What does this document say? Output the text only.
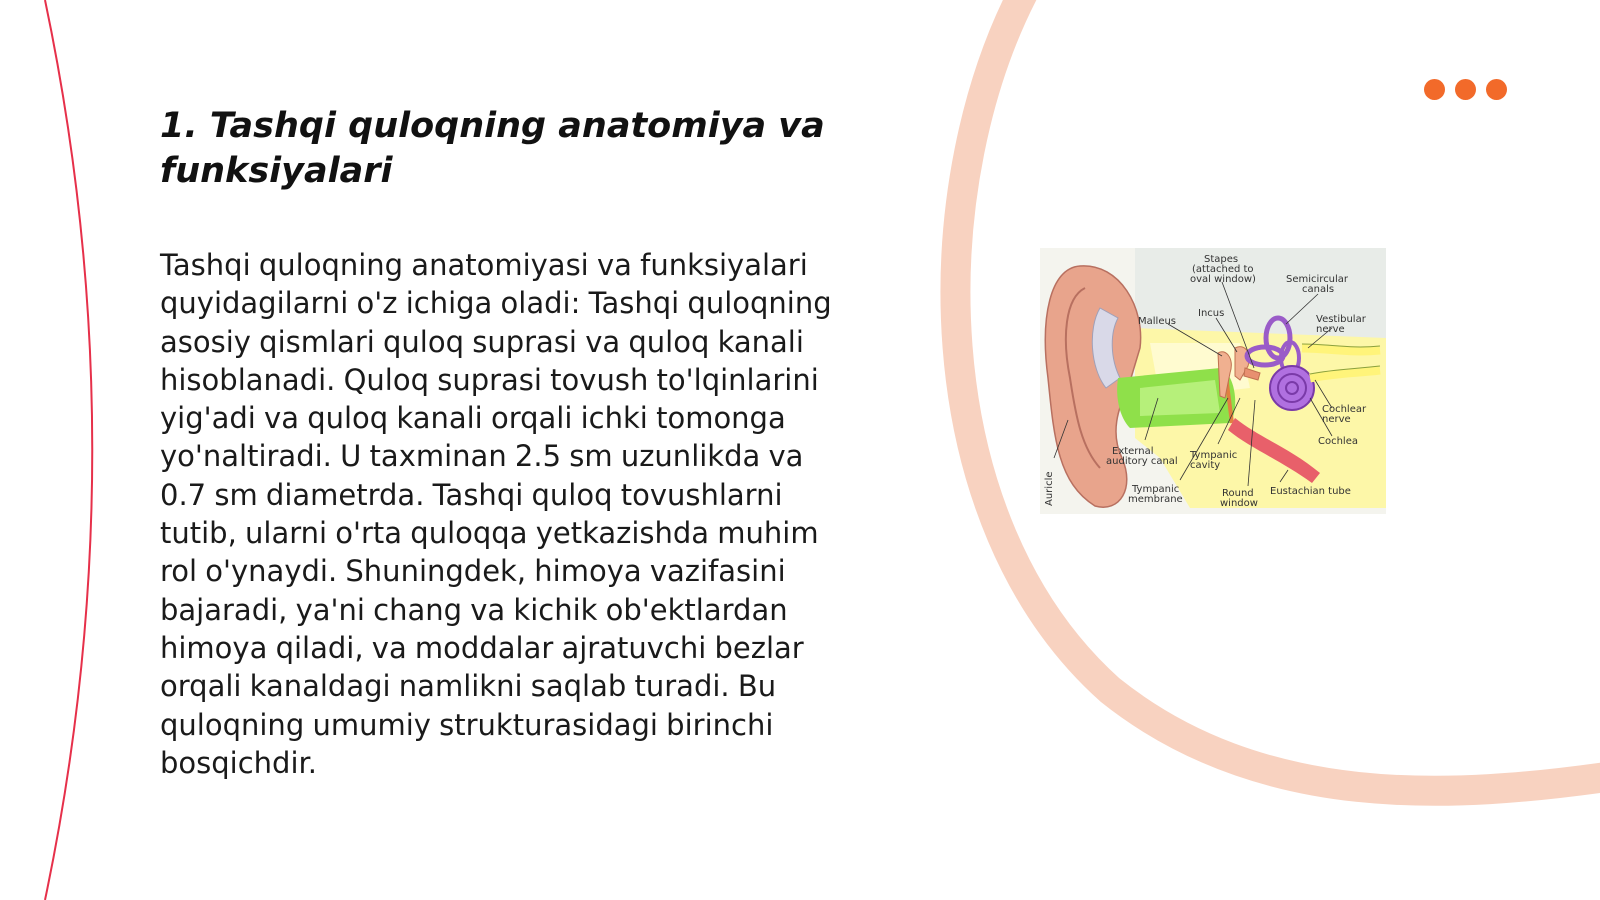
1. Tashqi quloqning anatomiya va funksiyalari

Tashqi quloqning anatomiyasi va funksiyalari quyidagilarni o'z ichiga oladi: Tashqi quloqning asosiy qismlari quloq suprasi va quloq kanali hisoblanadi. Quloq suprasi tovush to'lqinlarini yig'adi va quloq kanali orqali ichki tomonga yo'naltiradi. U taxminan 2.5 sm uzunlikda va 0.7 sm diametrda. Tashqi quloq tovushlarni tutib, ularni o'rta quloqqa yetkazishda muhim rol o'ynaydi. Shuningdek, himoya vazifasini bajaradi, ya'ni chang va kichik ob'ektlardan himoya qiladi, va moddalar ajratuvchi bezlar orqali kanaldagi namlikni saqlab turadi. Bu quloqning umumiy strukturasidagi birinchi bosqichdir.

Stapes
(attached to
oval window)	Semicircular
canals
Incus
Malleus	Vestibular
nerve
Cochlear
nerve
Cochlea
External
auditory canal
Tympanic
cavity
Tympanic
membrane
Round
window
Eustachian tube
Auricle
